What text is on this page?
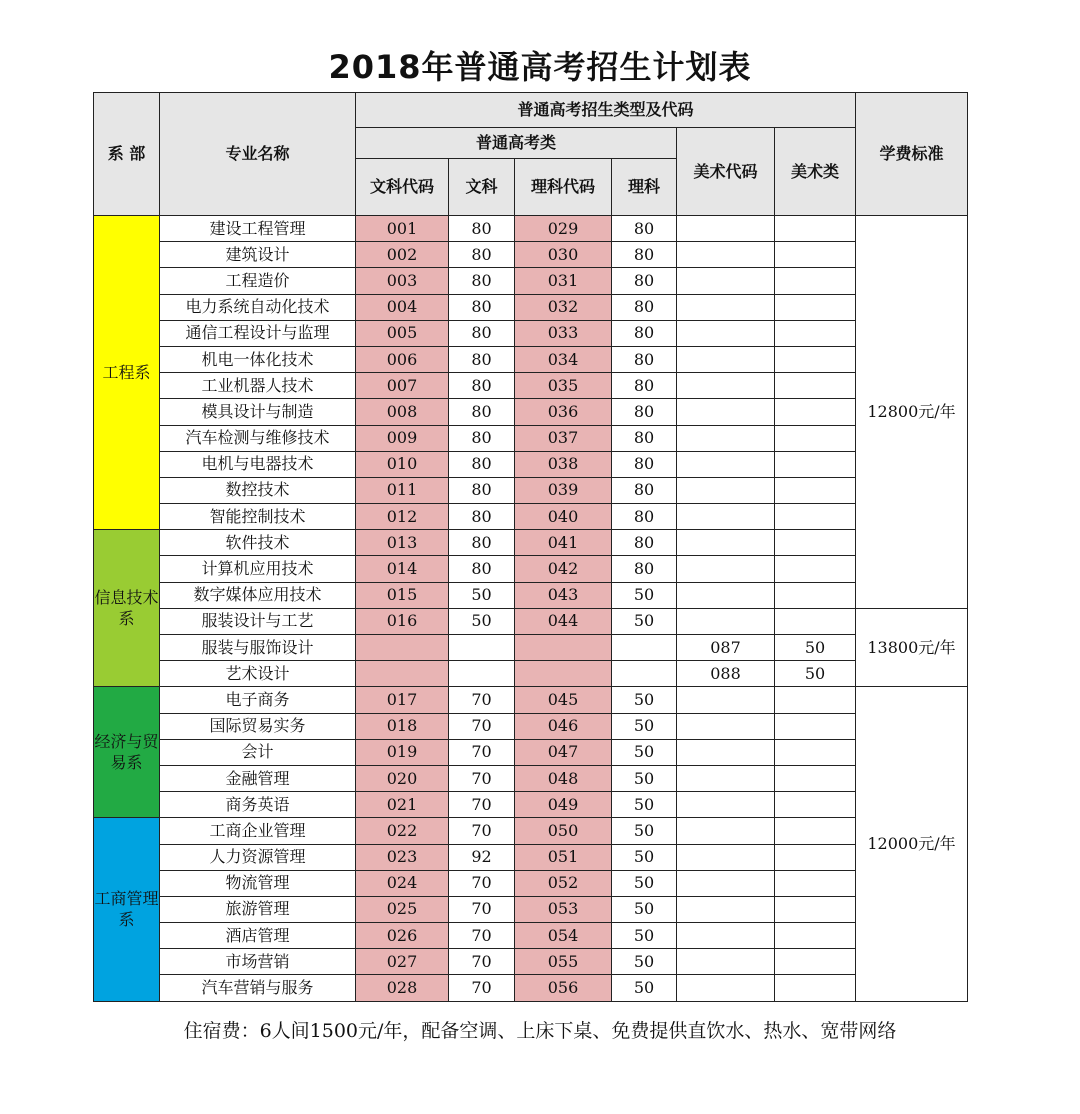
2018年普通高考招生计划表
系 部	专业名称	普通高考招生类型及代码						学费标准
		普通高考类				美术代码	美术类	
		文科代码	文科	理科代码	理科			
工程系	建设工程管理	001	80	029	80			12800元/年
	建筑设计	002	80	030	80			
	工程造价	003	80	031	80			
	电力系统自动化技术	004	80	032	80			
	通信工程设计与监理	005	80	033	80			
	机电一体化技术	006	80	034	80			
	工业机器人技术	007	80	035	80			
	模具设计与制造	008	80	036	80			
	汽车检测与维修技术	009	80	037	80			
	电机与电器技术	010	80	038	80			
	数控技术	011	80	039	80			
	智能控制技术	012	80	040	80			
信息技术系	软件技术	013	80	041	80			
	计算机应用技术	014	80	042	80			
	数字媒体应用技术	015	50	043	50			
	服装设计与工艺	016	50	044	50			13800元/年
	服装与服饰设计					087	50	
	艺术设计					088	50	
经济与贸易系	电子商务	017	70	045	50			12000元/年
	国际贸易实务	018	70	046	50			
	会计	019	70	047	50			
	金融管理	020	70	048	50			
	商务英语	021	70	049	50			
工商管理系	工商企业管理	022	70	050	50			
	人力资源管理	023	92	051	50			
	物流管理	024	70	052	50			
	旅游管理	025	70	053	50			
	酒店管理	026	70	054	50			
	市场营销	027	70	055	50			
	汽车营销与服务	028	70	056	50			
住宿费：6人间1500元/年，配备空调、上床下桌、免费提供直饮水、热水、宽带网络
